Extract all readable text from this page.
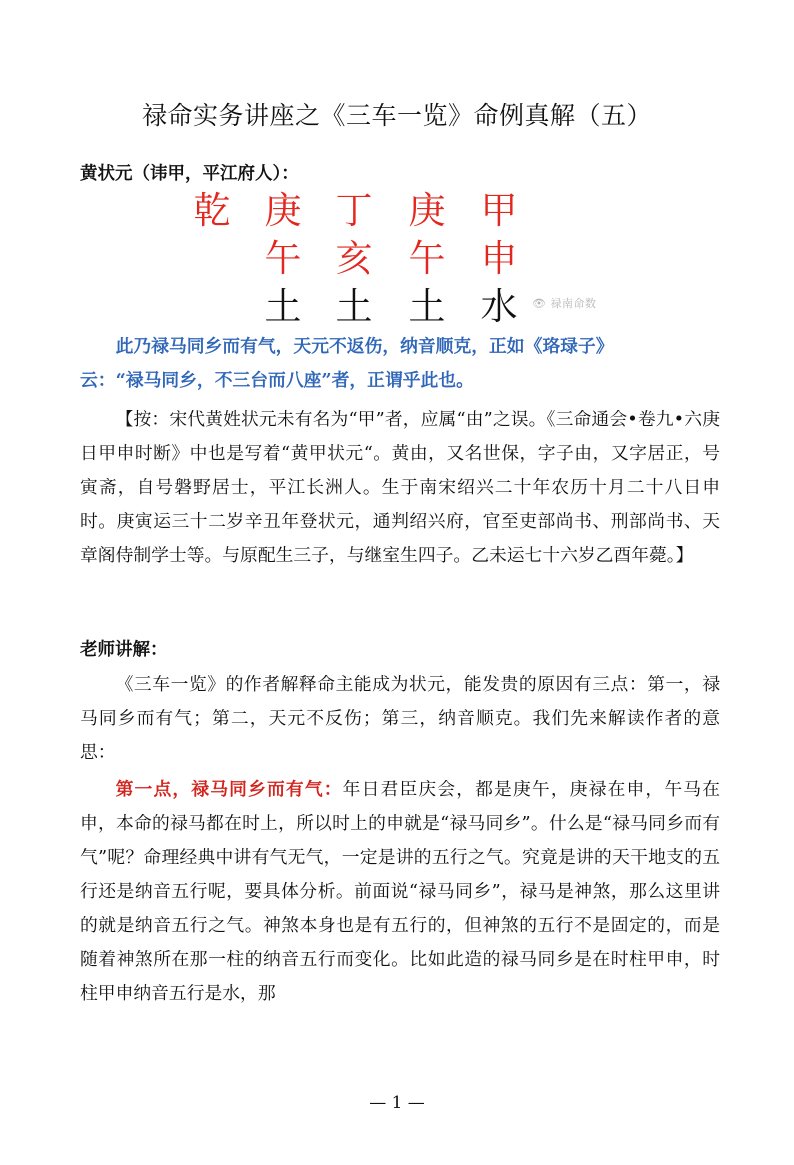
禄命实务讲座之《三车一览》命例真解（五）
黄状元（讳甲，平江府人）：
乾 庚 丁 庚 甲
午 亥 午 申
土 土 土 水	👁 禄南命数

此乃禄马同乡而有气，天元不返伤，纳音顺克，正如《珞琭子》

云：“禄马同乡，不三台而八座”者，正谓乎此也。

【按：宋代黄姓状元未有名为“甲”者，应属“由”之误。《三命通会•卷九•六庚日甲申时断》中也是写着“黄甲状元“。黄由，又名世保，字子由，又字居正，号寅斋，自号磐野居士，平江长洲人。生于南宋绍兴二十年农历十月二十八日申时。庚寅运三十二岁辛丑年登状元，通判绍兴府，官至吏部尚书、刑部尚书、天章阁侍制学士等。与原配生三子，与继室生四子。乙未运七十六岁乙酉年薨。】

老师讲解：

《三车一览》的作者解释命主能成为状元，能发贵的原因有三点：第一，禄马同乡而有气；第二，天元不反伤；第三，纳音顺克。我们先来解读作者的意思：

第一点，禄马同乡而有气：年日君臣庆会，都是庚午，庚禄在申，午马在申，本命的禄马都在时上，所以时上的申就是“禄马同乡”。什么是“禄马同乡而有气”呢？命理经典中讲有气无气，一定是讲的五行之气。究竟是讲的天干地支的五行还是纳音五行呢，要具体分析。前面说“禄马同乡”，禄马是神煞，那么这里讲的就是纳音五行之气。神煞本身也是有五行的，但神煞的五行不是固定的，而是随着神煞所在那一柱的纳音五行而变化。比如此造的禄马同乡是在时柱甲申，时柱甲申纳音五行是水，那

— 1 —
